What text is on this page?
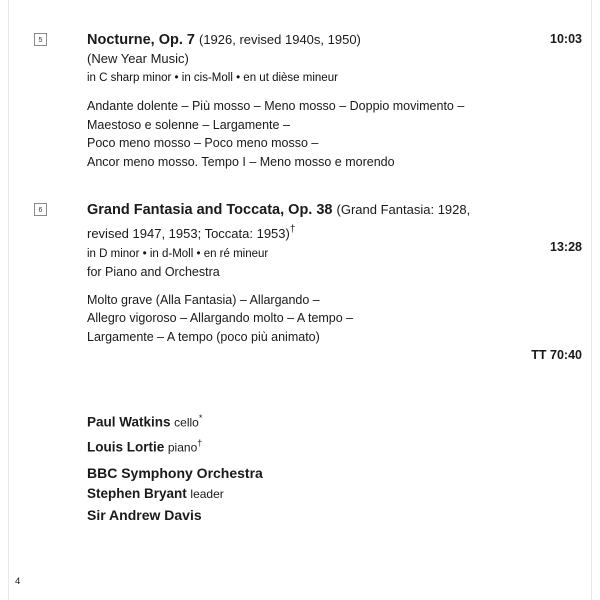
5	10:03

Nocturne, Op. 7 (1926, revised 1940s, 1950)

(New Year Music)

in C sharp minor • in cis-Moll • en ut dièse mineur

Andante dolente – Più mosso – Meno mosso – Doppio movimento –
Maestoso e solenne – Largamente –
Poco meno mosso – Poco meno mosso –
Ancor meno mosso. Tempo I – Meno mosso e morendo
6
13:28

Grand Fantasia and Toccata, Op. 38 (Grand Fantasia: 1928,

revised 1947, 1953; Toccata: 1953)†

in D minor • in d-Moll • en ré mineur

for Piano and Orchestra

Molto grave (Alla Fantasia) – Allargando –
Allegro vigoroso – Allargando molto – A tempo –
Largamente – A tempo (poco più animato)
TT 70:40
Paul Watkins cello*
Louis Lortie piano†
BBC Symphony Orchestra
Stephen Bryant leader
Sir Andrew Davis
4
